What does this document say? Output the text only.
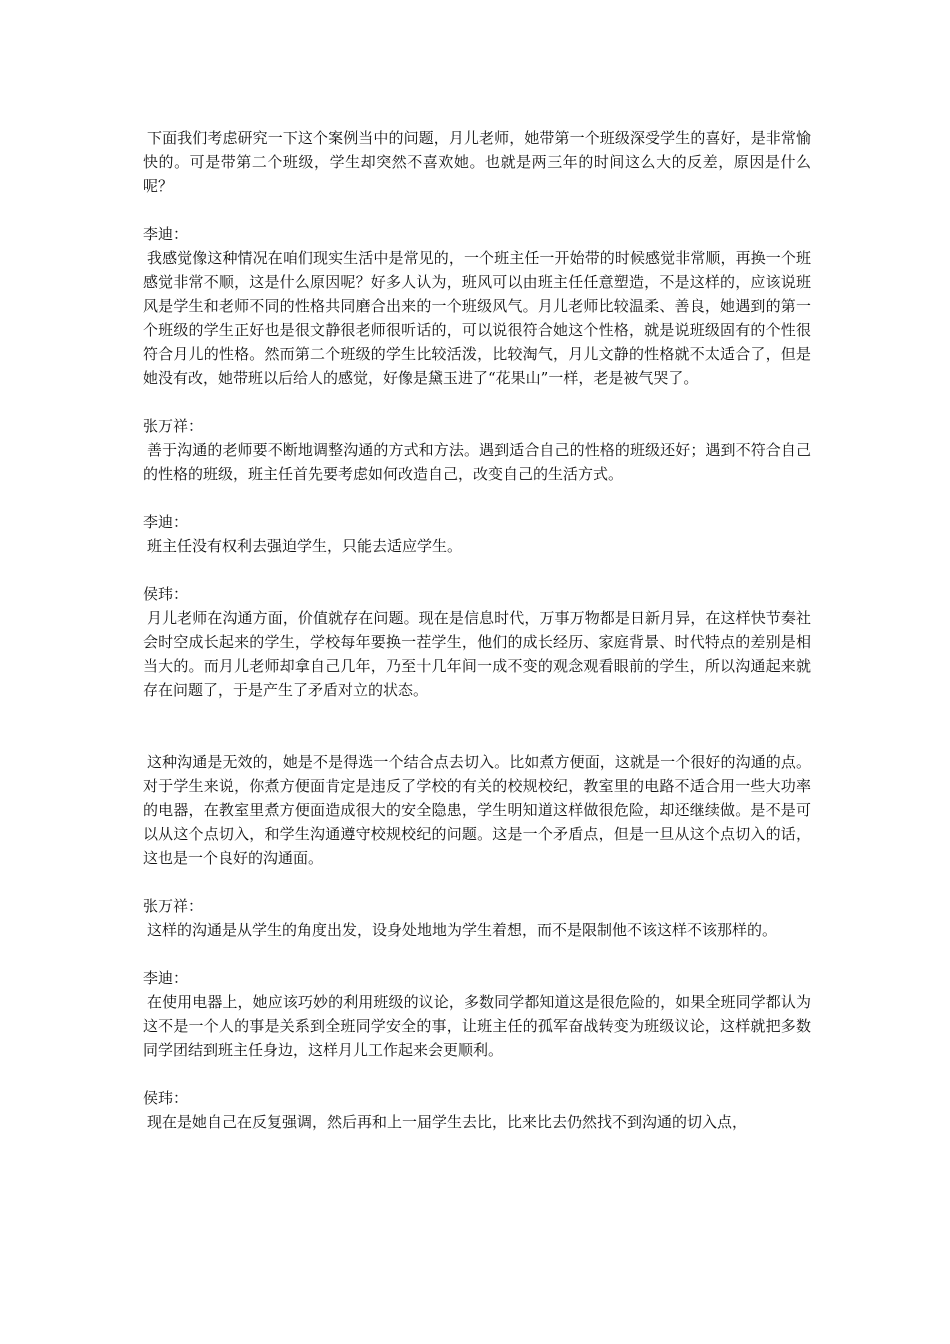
下面我们考虑研究一下这个案例当中的问题，月儿老师，她带第一个班级深受学生的喜好，是非常愉快的。可是带第二个班级，学生却突然不喜欢她。也就是两三年的时间这么大的反差，原因是什么呢？

李迪：

我感觉像这种情况在咱们现实生活中是常见的，一个班主任一开始带的时候感觉非常顺，再换一个班感觉非常不顺，这是什么原因呢？好多人认为，班风可以由班主任任意塑造，不是这样的，应该说班风是学生和老师不同的性格共同磨合出来的一个班级风气。月儿老师比较温柔、善良，她遇到的第一个班级的学生正好也是很文静很老师很听话的，可以说很符合她这个性格，就是说班级固有的个性很符合月儿的性格。然而第二个班级的学生比较活泼，比较淘气，月儿文静的性格就不太适合了，但是她没有改，她带班以后给人的感觉，好像是黛玉进了“花果山”一样，老是被气哭了。

张万祥：

善于沟通的老师要不断地调整沟通的方式和方法。遇到适合自己的性格的班级还好；遇到不符合自己的性格的班级，班主任首先要考虑如何改造自己，改变自己的生活方式。

李迪：

班主任没有权利去强迫学生，只能去适应学生。

侯玮：

月儿老师在沟通方面，价值就存在问题。现在是信息时代，万事万物都是日新月异，在这样快节奏社会时空成长起来的学生，学校每年要换一茬学生，他们的成长经历、家庭背景、时代特点的差别是相当大的。而月儿老师却拿自己几年，乃至十几年间一成不变的观念观看眼前的学生，所以沟通起来就存在问题了，于是产生了矛盾对立的状态。

这种沟通是无效的，她是不是得选一个结合点去切入。比如煮方便面，这就是一个很好的沟通的点。对于学生来说，你煮方便面肯定是违反了学校的有关的校规校纪，教室里的电路不适合用一些大功率的电器，在教室里煮方便面造成很大的安全隐患，学生明知道这样做很危险，却还继续做。是不是可以从这个点切入，和学生沟通遵守校规校纪的问题。这是一个矛盾点，但是一旦从这个点切入的话，这也是一个良好的沟通面。

张万祥：

这样的沟通是从学生的角度出发，设身处地地为学生着想，而不是限制他不该这样不该那样的。

李迪：

在使用电器上，她应该巧妙的利用班级的议论，多数同学都知道这是很危险的，如果全班同学都认为这不是一个人的事是关系到全班同学安全的事，让班主任的孤军奋战转变为班级议论，这样就把多数同学团结到班主任身边，这样月儿工作起来会更顺利。

侯玮：

现在是她自己在反复强调，然后再和上一届学生去比，比来比去仍然找不到沟通的切入点，
